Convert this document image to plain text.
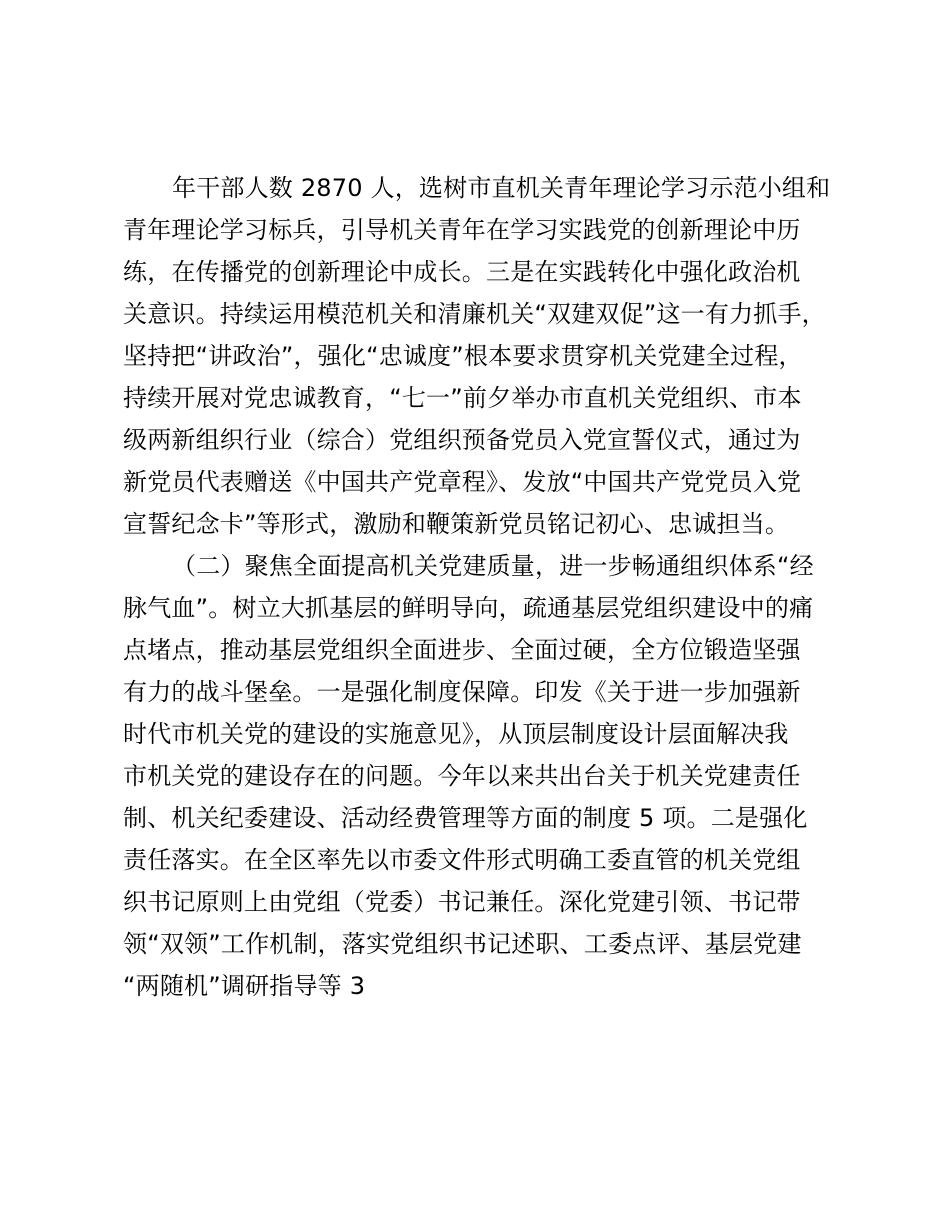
年干部人数 2870 人，选树市直机关青年理论学习示范小组和
青年理论学习标兵，引导机关青年在学习实践党的创新理论中历
练，在传播党的创新理论中成长。三是在实践转化中强化政治机
关意识。持续运用模范机关和清廉机关“双建双促”这一有力抓手，
坚持把“讲政治”，强化“忠诚度”根本要求贯穿机关党建全过程，
持续开展对党忠诚教育，“七一”前夕举办市直机关党组织、市本
级两新组织行业（综合）党组织预备党员入党宣誓仪式，通过为
新党员代表赠送《中国共产党章程》、发放“中国共产党党员入党
宣誓纪念卡”等形式，激励和鞭策新党员铭记初心、忠诚担当。
（二）聚焦全面提高机关党建质量，进一步畅通组织体系“经
脉气血”。树立大抓基层的鲜明导向，疏通基层党组织建设中的痛
点堵点，推动基层党组织全面进步、全面过硬，全方位锻造坚强
有力的战斗堡垒。一是强化制度保障。印发《关于进一步加强新
时代市机关党的建设的实施意见》，从顶层制度设计层面解决我
市机关党的建设存在的问题。今年以来共出台关于机关党建责任
制、机关纪委建设、活动经费管理等方面的制度 5 项。二是强化
责任落实。在全区率先以市委文件形式明确工委直管的机关党组
织书记原则上由党组（党委）书记兼任。深化党建引领、书记带
领“双领”工作机制，落实党组织书记述职、工委点评、基层党建
“两随机”调研指导等 3
